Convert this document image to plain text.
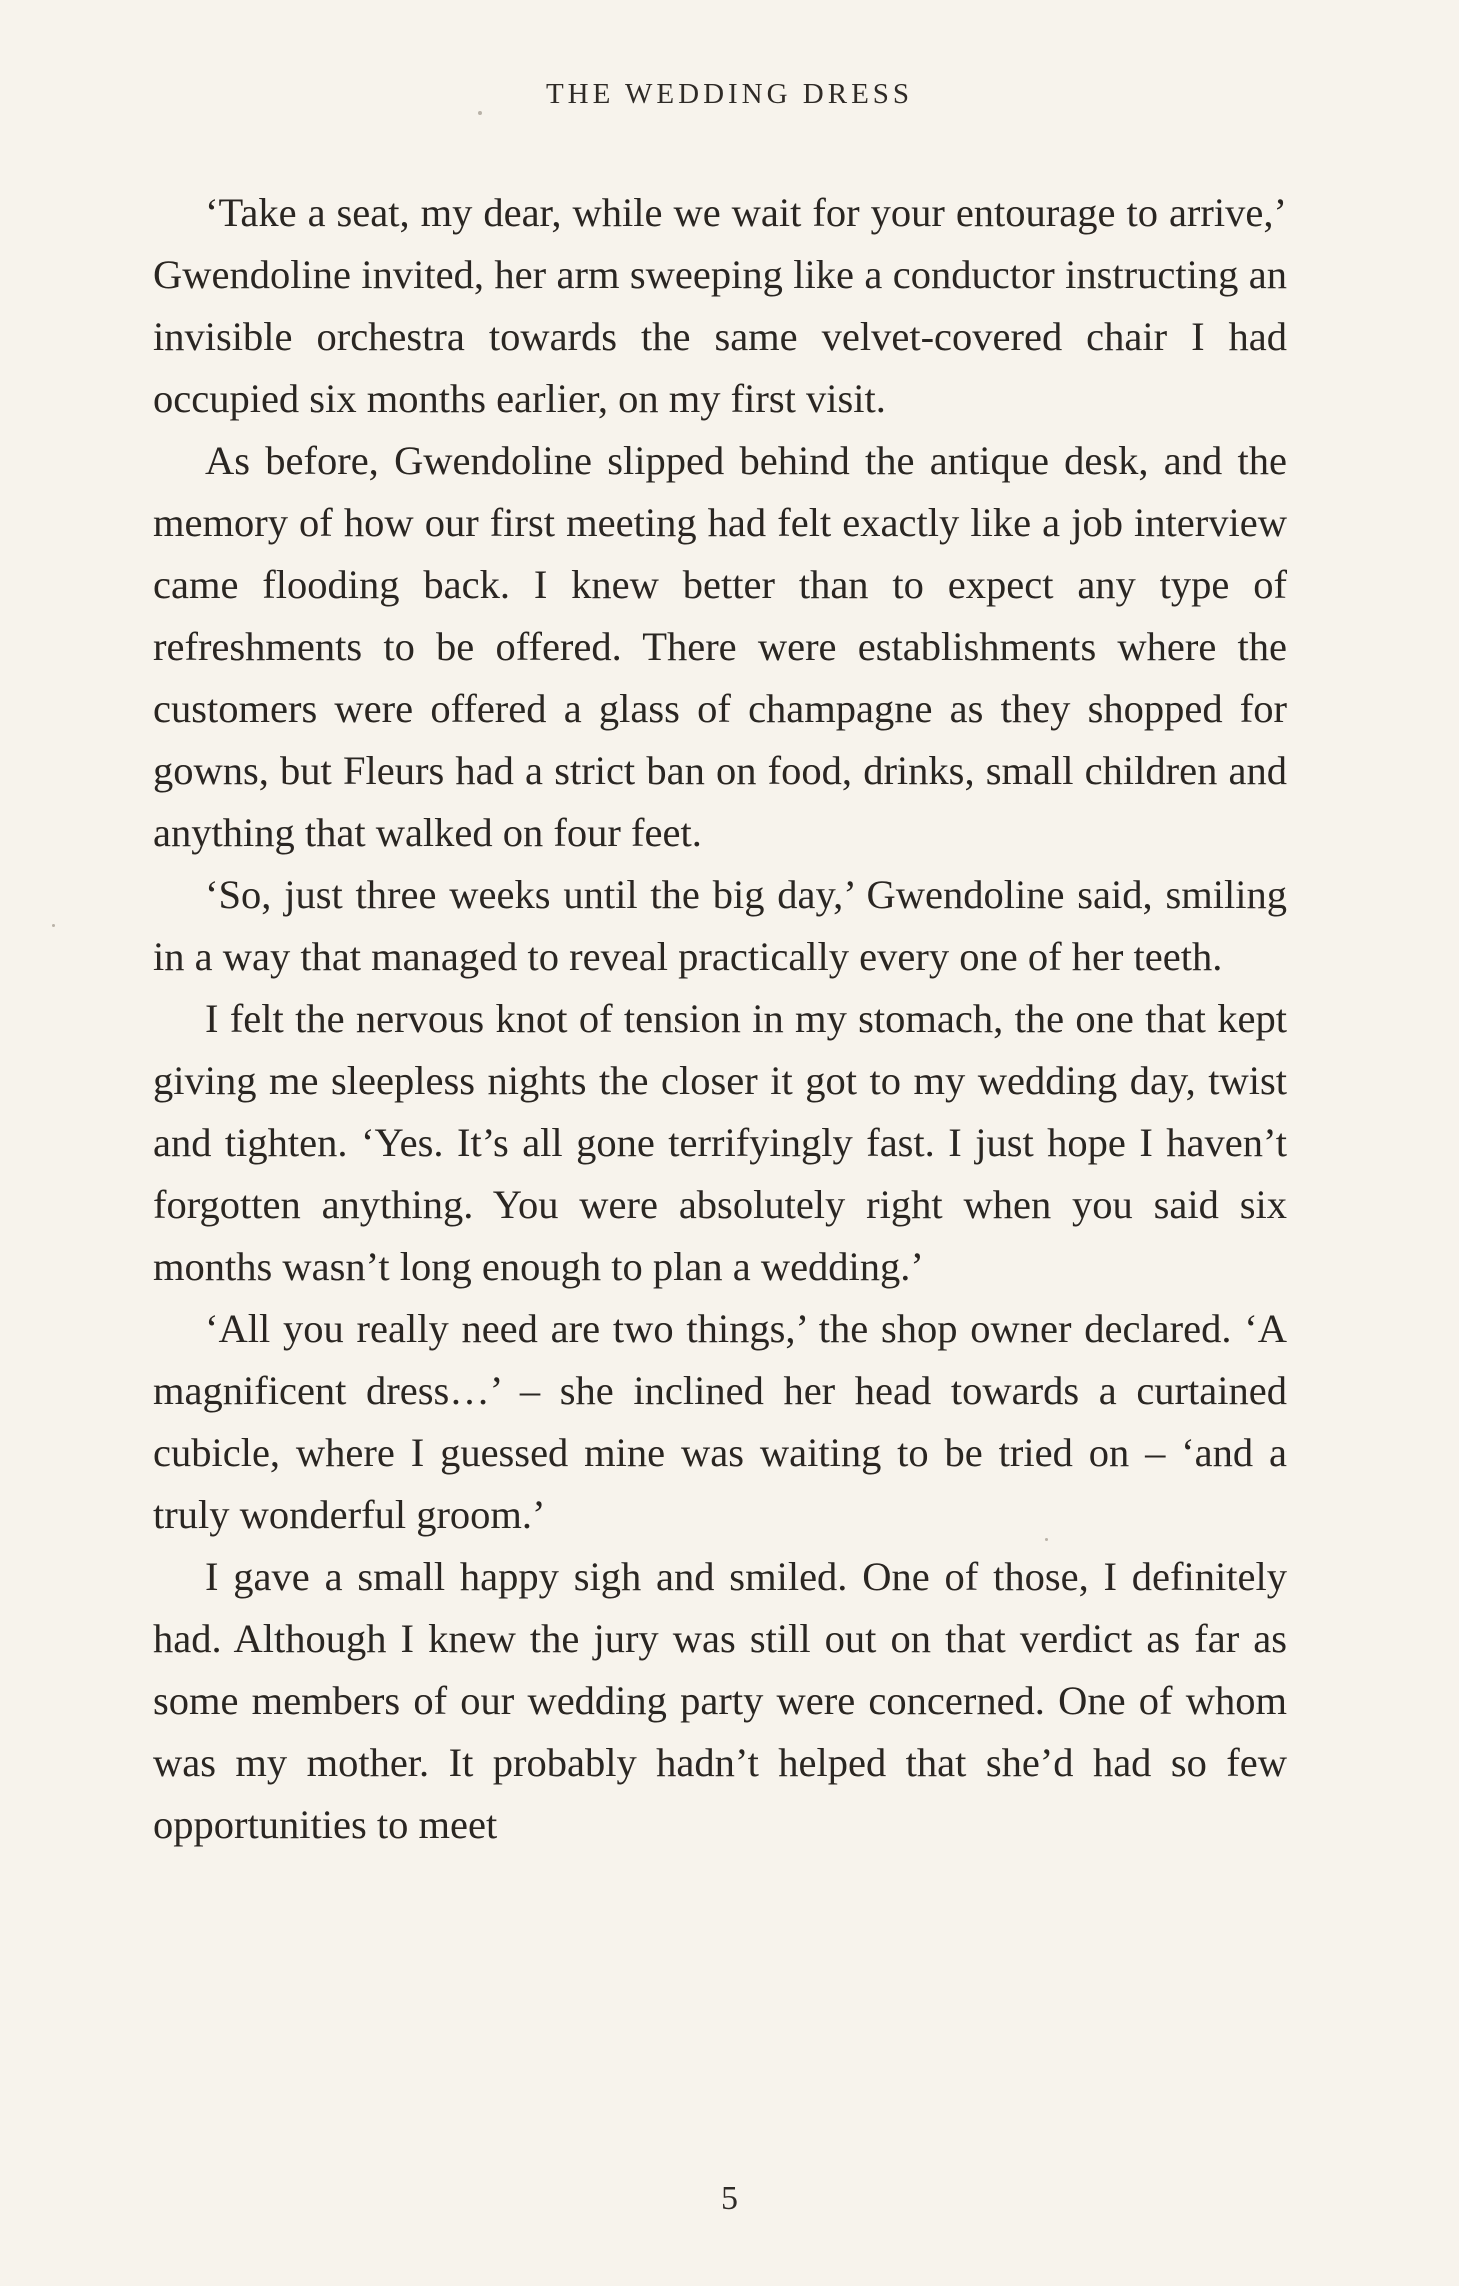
THE WEDDING DRESS

‘Take a seat, my dear, while we wait for your entourage to arrive,’ Gwendoline invited, her arm sweeping like a conductor instructing an invisible orchestra towards the same velvet-covered chair I had occupied six months earlier, on my first visit.

As before, Gwendoline slipped behind the antique desk, and the memory of how our first meeting had felt exactly like a job interview came flooding back. I knew better than to expect any type of refreshments to be offered. There were establishments where the customers were offered a glass of champagne as they shopped for gowns, but Fleurs had a strict ban on food, drinks, small children and anything that walked on four feet.

‘So, just three weeks until the big day,’ Gwendoline said, smiling in a way that managed to reveal practically every one of her teeth.

I felt the nervous knot of tension in my stomach, the one that kept giving me sleepless nights the closer it got to my wedding day, twist and tighten. ‘Yes. It’s all gone terrifyingly fast. I just hope I haven’t forgotten anything. You were absolutely right when you said six months wasn’t long enough to plan a wedding.’

‘All you really need are two things,’ the shop owner declared. ‘A magnificent dress…’ – she inclined her head towards a curtained cubicle, where I guessed mine was waiting to be tried on – ‘and a truly wonderful groom.’

I gave a small happy sigh and smiled. One of those, I definitely had. Although I knew the jury was still out on that verdict as far as some members of our wedding party were concerned. One of whom was my mother. It probably hadn’t helped that she’d had so few opportunities to meet

5
